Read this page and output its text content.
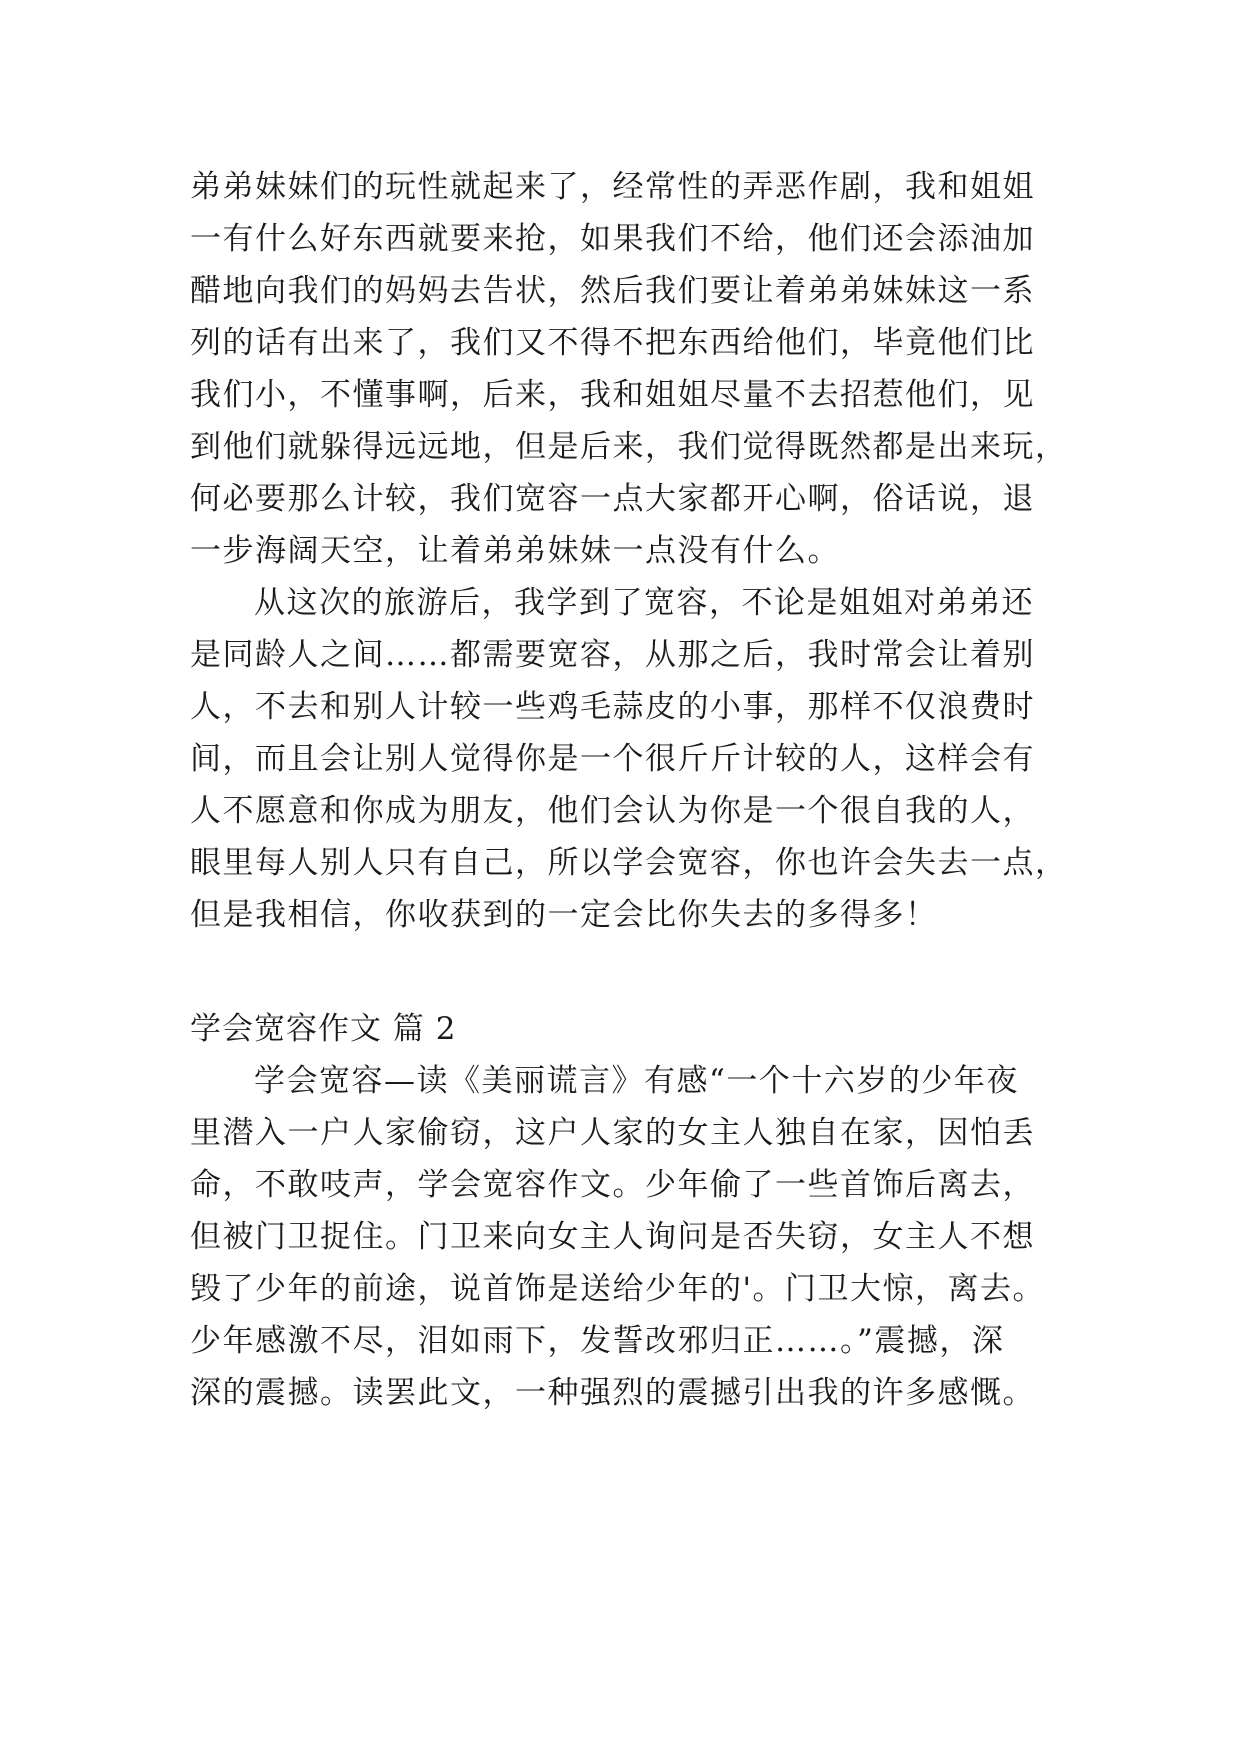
弟弟妹妹们的玩性就起来了，经常性的弄恶作剧，我和姐姐
一有什么好东西就要来抢，如果我们不给，他们还会添油加
醋地向我们的妈妈去告状，然后我们要让着弟弟妹妹这一系
列的话有出来了，我们又不得不把东西给他们，毕竟他们比
我们小，不懂事啊，后来，我和姐姐尽量不去招惹他们，见
到他们就躲得远远地，但是后来，我们觉得既然都是出来玩，
何必要那么计较，我们宽容一点大家都开心啊，俗话说，退
一步海阔天空，让着弟弟妹妹一点没有什么。
从这次的旅游后，我学到了宽容，不论是姐姐对弟弟还
是同龄人之间……都需要宽容，从那之后，我时常会让着别
人，不去和别人计较一些鸡毛蒜皮的小事，那样不仅浪费时
间，而且会让别人觉得你是一个很斤斤计较的人，这样会有
人不愿意和你成为朋友，他们会认为你是一个很自我的人，
眼里每人别人只有自己，所以学会宽容，你也许会失去一点，
但是我相信，你收获到的一定会比你失去的多得多！
学会宽容作文 篇 2
学会宽容—读《美丽谎言》有感“一个十六岁的少年夜
里潜入一户人家偷窃，这户人家的女主人独自在家，因怕丢
命，不敢吱声，学会宽容作文。少年偷了一些首饰后离去，
但被门卫捉住。门卫来向女主人询问是否失窃，女主人不想
毁了少年的前途，说首饰是送给少年的'。门卫大惊，离去。
少年感激不尽，泪如雨下，发誓改邪归正……。”震撼，深
深的震撼。读罢此文，一种强烈的震撼引出我的许多感慨。
